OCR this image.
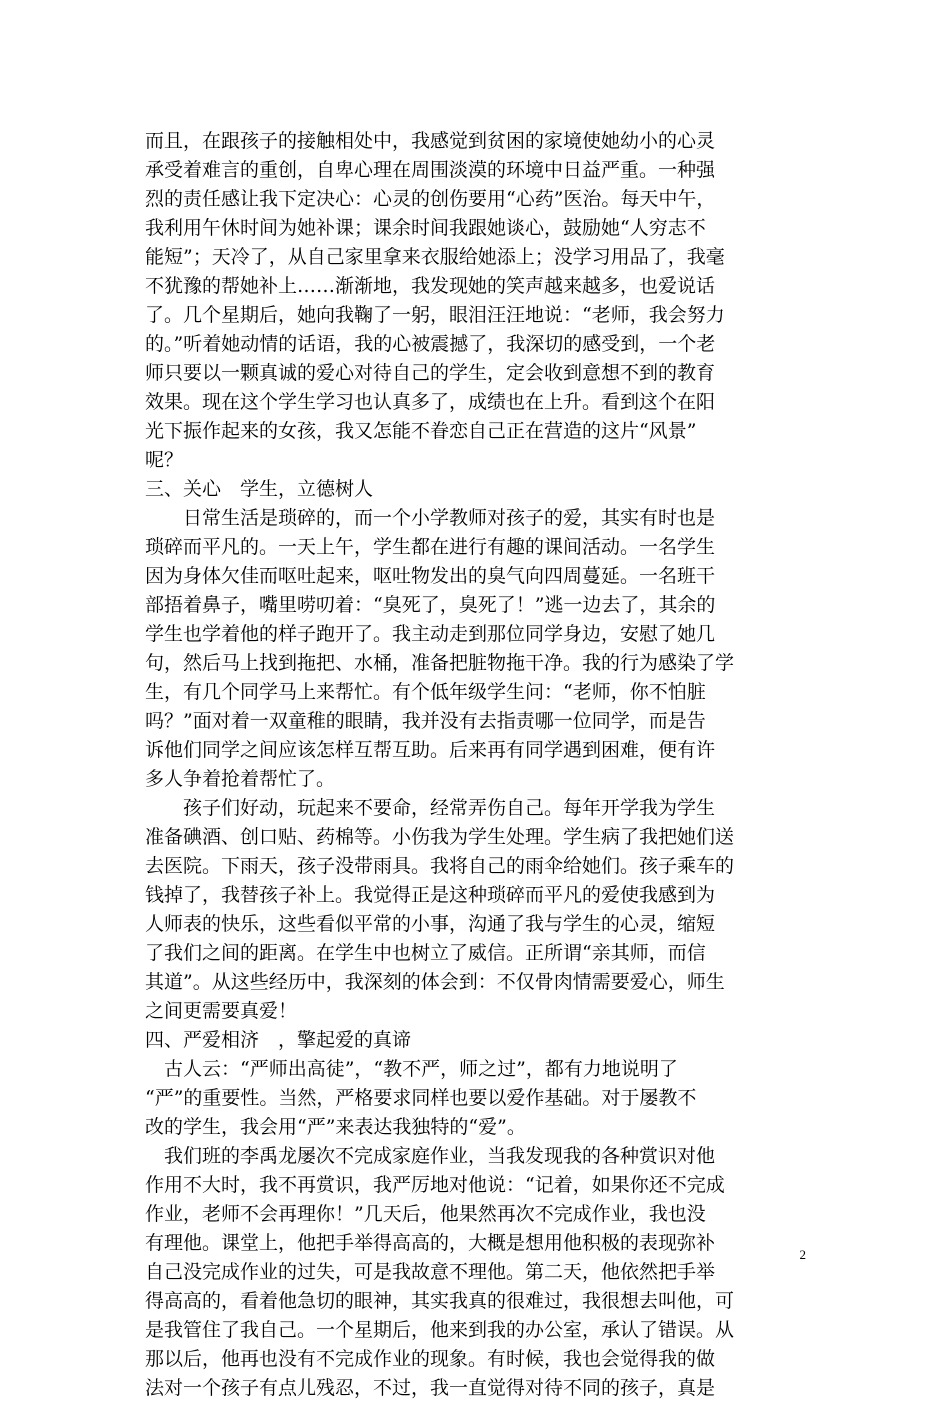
而且，在跟孩子的接触相处中，我感觉到贫困的家境使她幼小的心灵
承受着难言的重创，自卑心理在周围淡漠的环境中日益严重。一种强
烈的责任感让我下定决心：心灵的创伤要用“心药”医治。每天中午，
我利用午休时间为她补课；课余时间我跟她谈心，鼓励她“人穷志不
能短”；天冷了，从自己家里拿来衣服给她添上；没学习用品了，我毫
不犹豫的帮她补上……渐渐地，我发现她的笑声越来越多，也爱说话
了。几个星期后，她向我鞠了一躬，眼泪汪汪地说：“老师，我会努力
的。”听着她动情的话语，我的心被震撼了，我深切的感受到，一个老
师只要以一颗真诚的爱心对待自己的学生，定会收到意想不到的教育
效果。现在这个学生学习也认真多了，成绩也在上升。看到这个在阳
光下振作起来的女孩，我又怎能不眷恋自己正在营造的这片“风景”
呢？
三、关心　学生，立德树人
　　日常生活是琐碎的，而一个小学教师对孩子的爱，其实有时也是
琐碎而平凡的。一天上午，学生都在进行有趣的课间活动。一名学生
因为身体欠佳而呕吐起来，呕吐物发出的臭气向四周蔓延。一名班干
部捂着鼻子，嘴里唠叨着：“臭死了，臭死了！”逃一边去了，其余的
学生也学着他的样子跑开了。我主动走到那位同学身边，安慰了她几
句，然后马上找到拖把、水桶，准备把脏物拖干净。我的行为感染了学
生，有几个同学马上来帮忙。有个低年级学生问：“老师，你不怕脏
吗？”面对着一双童稚的眼睛，我并没有去指责哪一位同学，而是告
诉他们同学之间应该怎样互帮互助。后来再有同学遇到困难，便有许
多人争着抢着帮忙了。
　　孩子们好动，玩起来不要命，经常弄伤自己。每年开学我为学生
准备碘酒、创口贴、药棉等。小伤我为学生处理。学生病了我把她们送
去医院。下雨天，孩子没带雨具。我将自己的雨伞给她们。孩子乘车的
钱掉了，我替孩子补上。我觉得正是这种琐碎而平凡的爱使我感到为
人师表的快乐，这些看似平常的小事，沟通了我与学生的心灵，缩短
了我们之间的距离。在学生中也树立了威信。正所谓“亲其师，而信
其道”。从这些经历中，我深刻的体会到：不仅骨肉情需要爱心，师生
之间更需要真爱！
四、严爱相济　，擎起爱的真谛
　古人云：“严师出高徒”，“教不严，师之过”，都有力地说明了
“严”的重要性。当然，严格要求同样也要以爱作基础。对于屡教不
改的学生，我会用“严”来表达我独特的“爱”。
　我们班的李禹龙屡次不完成家庭作业，当我发现我的各种赏识对他
作用不大时，我不再赏识，我严厉地对他说：“记着，如果你还不完成
作业，老师不会再理你！”几天后，他果然再次不完成作业，我也没
有理他。课堂上，他把手举得高高的，大概是想用他积极的表现弥补
自己没完成作业的过失，可是我故意不理他。第二天，他依然把手举
得高高的，看着他急切的眼神，其实我真的很难过，我很想去叫他，可
是我管住了我自己。一个星期后，他来到我的办公室，承认了错误。从
那以后，他再也没有不完成作业的现象。有时候，我也会觉得我的做
法对一个孩子有点儿残忍，不过，我一直觉得对待不同的孩子，真是
2
